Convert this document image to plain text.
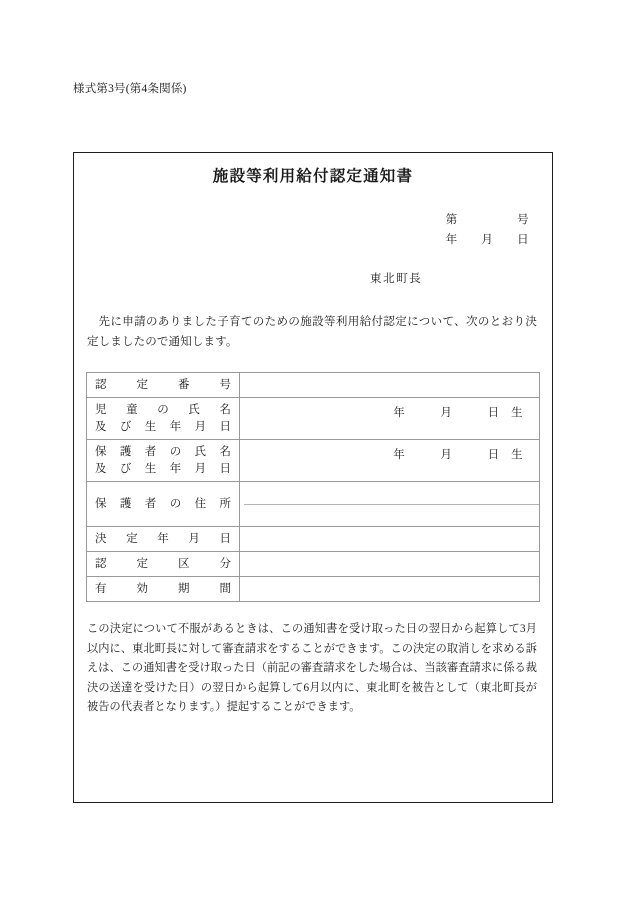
様式第3号(第4条関係)
施設等利用給付認定通知書
第　　　　　号
年　　月　　日
東北町長
先に申請のありました子育てのための施設等利用給付認定について、次のとおり決定しましたので通知します。
認定番号	

児童の氏名
及び生年月日	年　　　月　　　日　生

保護者の氏名
及び生年月日	年　　　月　　　日　生

保護者の住所	

決定年月日	

認定区分	

有効期間	

この決定について不服があるときは、この通知書を受け取った日の翌日から起算して3月以内に、東北町長に対して審査請求をすることができます。この決定の取消しを求める訴えは、この通知書を受け取った日（前記の審査請求をした場合は、当該審査請求に係る裁決の送達を受けた日）の翌日から起算して6月以内に、東北町を被告として（東北町長が被告の代表者となります。）提起することができます。
